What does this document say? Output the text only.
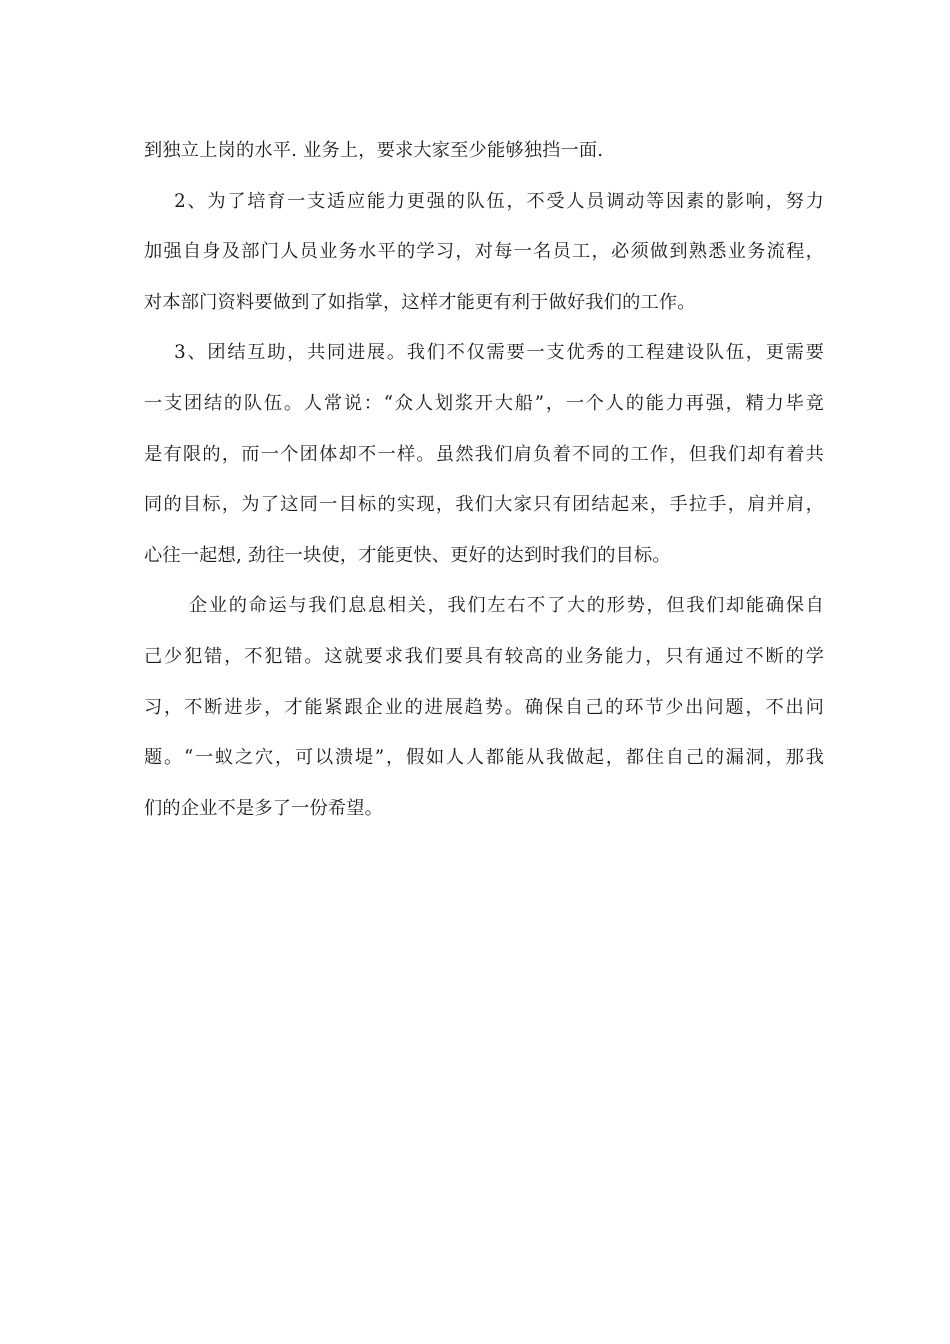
到独立上岗的水平. 业务上，要求大家至少能够独挡一面.
2、为了培育一支适应能力更强的队伍，不受人员调动等因素的影响，努力
加强自身及部门人员业务水平的学习，对每一名员工，必须做到熟悉业务流程，
对本部门资料要做到了如指掌，这样才能更有利于做好我们的工作。
3、团结互助，共同进展。我们不仅需要一支优秀的工程建设队伍，更需要
一支团结的队伍。人常说：“众人划浆开大船”，一个人的能力再强，精力毕竟
是有限的，而一个团体却不一样。虽然我们肩负着不同的工作，但我们却有着共
同的目标，为了这同一目标的实现，我们大家只有团结起来，手拉手，肩并肩，
心往一起想, 劲往一块使，才能更快、更好的达到时我们的目标。
企业的命运与我们息息相关，我们左右不了大的形势，但我们却能确保自
己少犯错，不犯错。这就要求我们要具有较高的业务能力，只有通过不断的学
习，不断进步，才能紧跟企业的进展趋势。确保自己的环节少出问题，不出问
题。“一蚁之穴，可以溃堤”，假如人人都能从我做起，都住自己的漏洞，那我
们的企业不是多了一份希望。
